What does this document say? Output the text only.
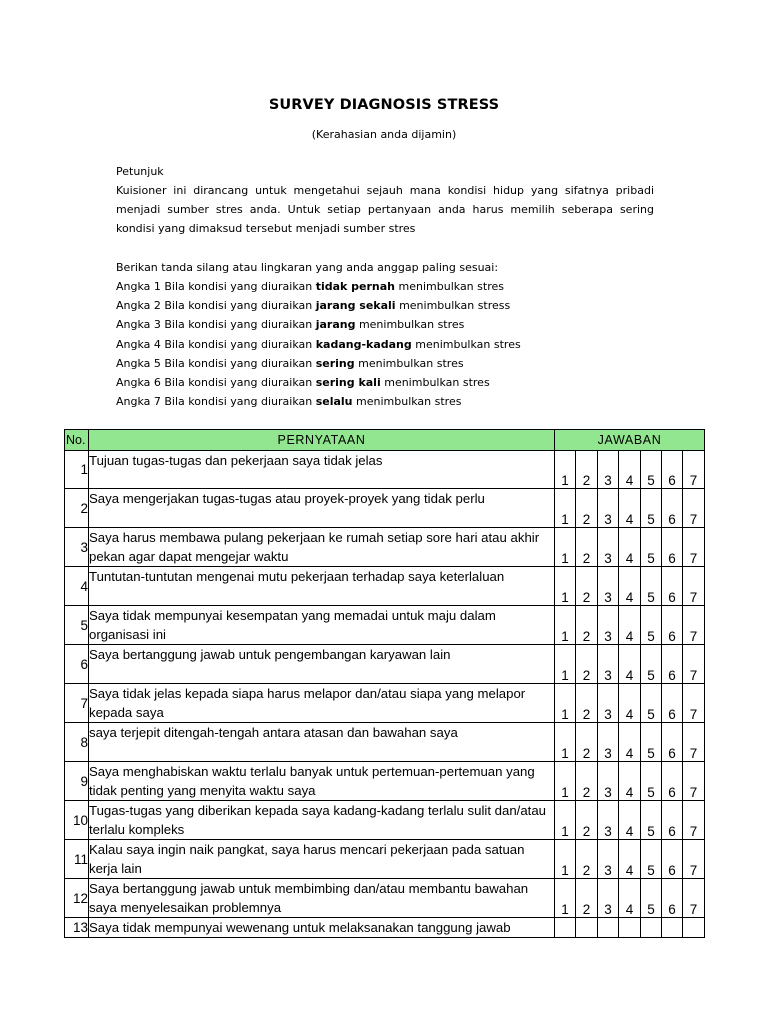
SURVEY DIAGNOSIS STRESS
(Kerahasian anda dijamin)
Petunjuk
Kuisioner ini dirancang untuk mengetahui sejauh mana kondisi hidup yang sifatnya pribadi menjadi sumber stres anda. Untuk setiap pertanyaan anda harus memilih seberapa sering kondisi yang dimaksud tersebut menjadi sumber stres
Berikan tanda silang atau lingkaran yang anda anggap paling sesuai:
Angka 1 Bila kondisi yang diuraikan tidak pernah menimbulkan stres
Angka 2 Bila kondisi yang diuraikan jarang sekali menimbulkan stress
Angka 3 Bila kondisi yang diuraikan jarang menimbulkan stres
Angka 4 Bila kondisi yang diuraikan kadang-kadang menimbulkan stres
Angka 5 Bila kondisi yang diuraikan sering menimbulkan stres
Angka 6 Bila kondisi yang diuraikan sering kali menimbulkan stres
Angka 7 Bila kondisi yang diuraikan selalu menimbulkan stres
No.	PERNYATAAN	JAWABAN						
1	Tujuan tugas-tugas dan pekerjaan saya tidak jelas	1	2	3	4	5	6	7
2	Saya mengerjakan tugas-tugas atau proyek-proyek yang tidak perlu	1	2	3	4	5	6	7
3	Saya harus membawa pulang pekerjaan ke rumah setiap sore hari atau akhir pekan agar dapat mengejar waktu	1	2	3	4	5	6	7
4	Tuntutan-tuntutan mengenai mutu pekerjaan terhadap saya keterlaluan	1	2	3	4	5	6	7
5	Saya tidak mempunyai kesempatan yang memadai untuk maju dalam organisasi ini	1	2	3	4	5	6	7
6	Saya bertanggung jawab untuk pengembangan karyawan lain	1	2	3	4	5	6	7
7	Saya tidak jelas kepada siapa harus melapor dan/atau siapa yang melapor kepada saya	1	2	3	4	5	6	7
8	saya terjepit ditengah-tengah antara atasan dan bawahan saya	1	2	3	4	5	6	7
9	Saya menghabiskan waktu terlalu banyak untuk pertemuan-pertemuan yang tidak penting yang menyita waktu saya	1	2	3	4	5	6	7
10	Tugas-tugas yang diberikan kepada saya kadang-kadang terlalu sulit dan/atau terlalu kompleks	1	2	3	4	5	6	7
11	Kalau saya ingin naik pangkat, saya harus mencari pekerjaan pada satuan kerja lain	1	2	3	4	5	6	7
12	Saya bertanggung jawab untuk membimbing dan/atau membantu bawahan saya menyelesaikan problemnya	1	2	3	4	5	6	7
13	Saya tidak mempunyai wewenang untuk melaksanakan tanggung jawab							
